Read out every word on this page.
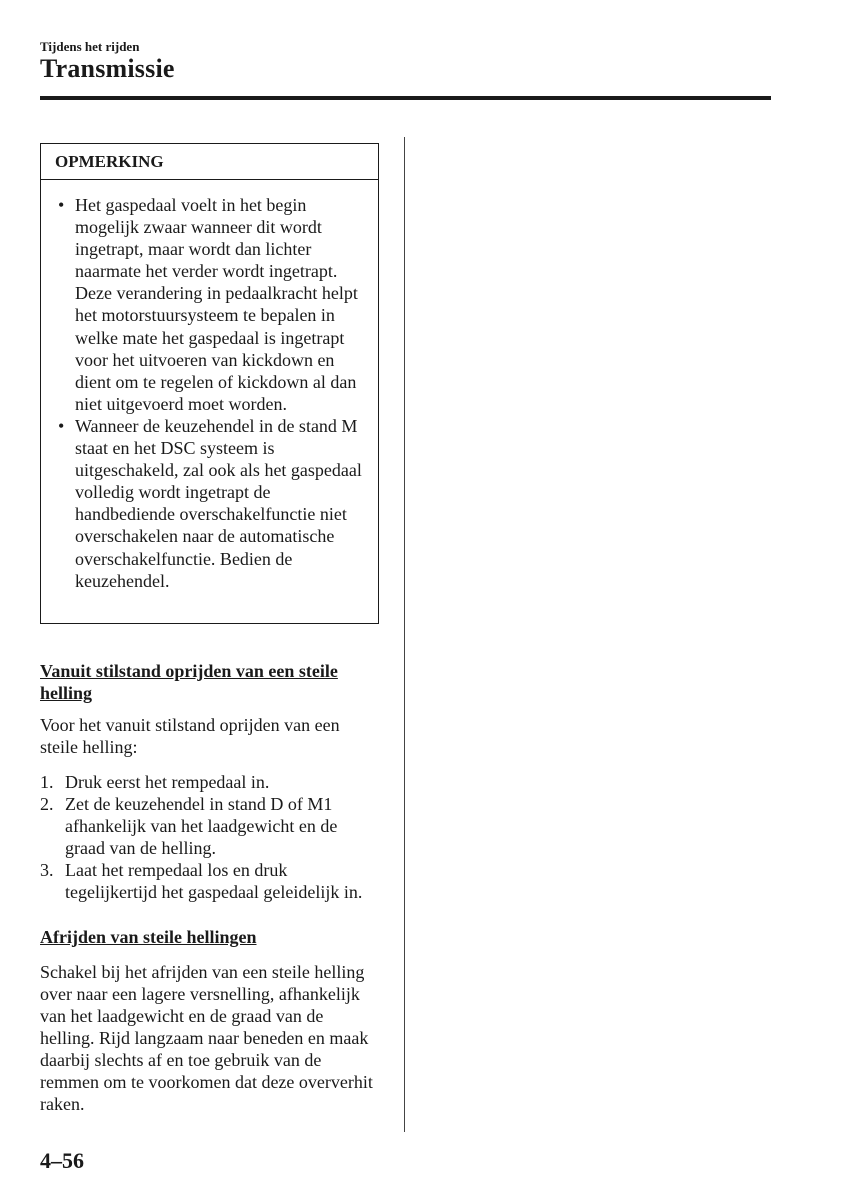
Tijdens het rijden
Transmissie
OPMERKING
• Het gaspedaal voelt in het begin mogelijk zwaar wanneer dit wordt ingetrapt, maar wordt dan lichter naarmate het verder wordt ingetrapt. Deze verandering in pedaalkracht helpt het motorstuursysteem te bepalen in welke mate het gaspedaal is ingetrapt voor het uitvoeren van kickdown en dient om te regelen of kickdown al dan niet uitgevoerd moet worden.
• Wanneer de keuzehendel in de stand M staat en het DSC systeem is uitgeschakeld, zal ook als het gaspedaal volledig wordt ingetrapt de handbediende overschakelfunctie niet overschakelen naar de automatische overschakelfunctie. Bedien de keuzehendel.

Vanuit stilstand oprijden van een steile helling

Voor het vanuit stilstand oprijden van een steile helling:

1. Druk eerst het rempedaal in.
2. Zet de keuzehendel in stand D of M1 afhankelijk van het laadgewicht en de graad van de helling.
3. Laat het rempedaal los en druk tegelijkertijd het gaspedaal geleidelijk in.

Afrijden van steile hellingen

Schakel bij het afrijden van een steile helling over naar een lagere versnelling, afhankelijk van het laadgewicht en de graad van de helling. Rijd langzaam naar beneden en maak daarbij slechts af en toe gebruik van de remmen om te voorkomen dat deze oververhit raken.

4–56
